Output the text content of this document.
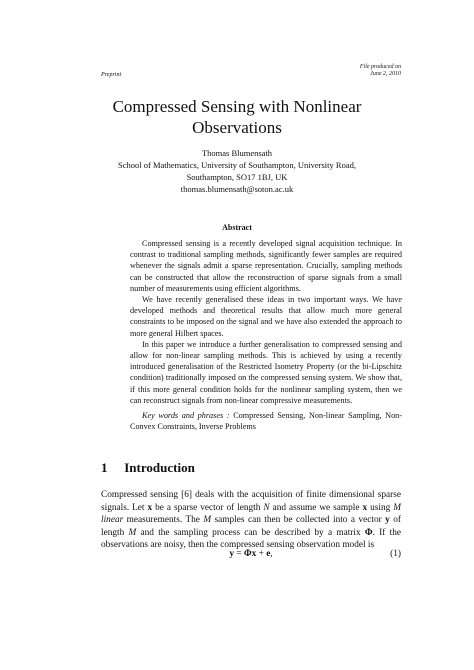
Preprint
File produced on
June 2, 2010
Compressed Sensing with Nonlinear
Observations
Thomas Blumensath
School of Mathematics, University of Southampton, University Road,
Southampton, SO17 1BJ, UK
thomas.blumensath@soton.ac.uk
Abstract

Compressed sensing is a recently developed signal acquisition technique. In contrast to traditional sampling methods, significantly fewer samples are required whenever the signals admit a sparse representation. Crucially, sampling methods can be constructed that allow the reconstruction of sparse signals from a small number of measurements using efficient algorithms.

We have recently generalised these ideas in two important ways. We have developed methods and theoretical results that allow much more general constraints to be imposed on the signal and we have also extended the approach to more general Hilbert spaces.

In this paper we introduce a further generalisation to compressed sensing and allow for non-linear sampling methods. This is achieved by using a recently introduced generalisation of the Restricted Isometry Property (or the bi-Lipschitz condition) traditionally imposed on the compressed sensing system. We show that, if this more general condition holds for the nonlinear sampling system, then we can reconstruct signals from non-linear compressive measurements.

Key words and phrases : Compressed Sensing, Non-linear Sampling, Non-Convex Constraints, Inverse Problems
1 Introduction
Compressed sensing [6] deals with the acquisition of finite dimensional sparse signals. Let x be a sparse vector of length N and assume we sample x using M linear measurements. The M samples can then be collected into a vector y of length M and the sampling process can be described by a matrix Φ. If the observations are noisy, then the compressed sensing observation model is
y = Φx + e,	(1)
